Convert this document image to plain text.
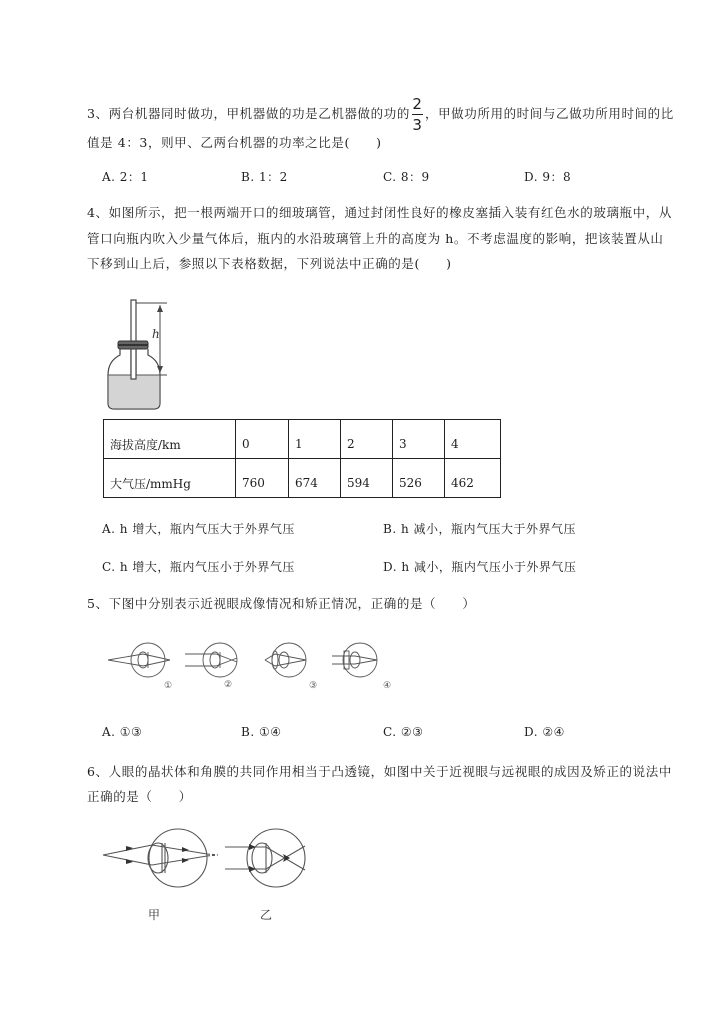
3、两台机器同时做功，甲机器做的功是乙机器做的功的 $\frac{2}{3}$ ，甲做功所用的时间与乙做功所用时间的比
值是 4：3，则甲、乙两台机器的功率之比是(　　)
A. 2：1	B. 1：2	C. 8：9	D. 9：8
4、如图所示，把一根两端开口的细玻璃管，通过封闭性良好的橡皮塞插入装有红色水的玻璃瓶中，从
管口向瓶内吹入少量气体后，瓶内的水沿玻璃管上升的高度为 h。不考虑温度的影响，把该装置从山
下移到山上后，参照以下表格数据，下列说法中正确的是(　　)
h
海拔高度/km	0	1	2	3	4
大气压/mmHg	760	674	594	526	462
A. h 增大，瓶内气压大于外界气压	B. h 减小，瓶内气压大于外界气压
C. h 增大，瓶内气压小于外界气压	D. h 减小，瓶内气压小于外界气压
5、下图中分别表示近视眼成像情况和矫正情况，正确的是（　　）
①	②	③	④
A. ①③	B. ①④	C. ②③	D. ②④
6、人眼的晶状体和角膜的共同作用相当于凸透镜，如图中关于近视眼与远视眼的成因及矫正的说法中
正确的是（　　）
甲	乙
